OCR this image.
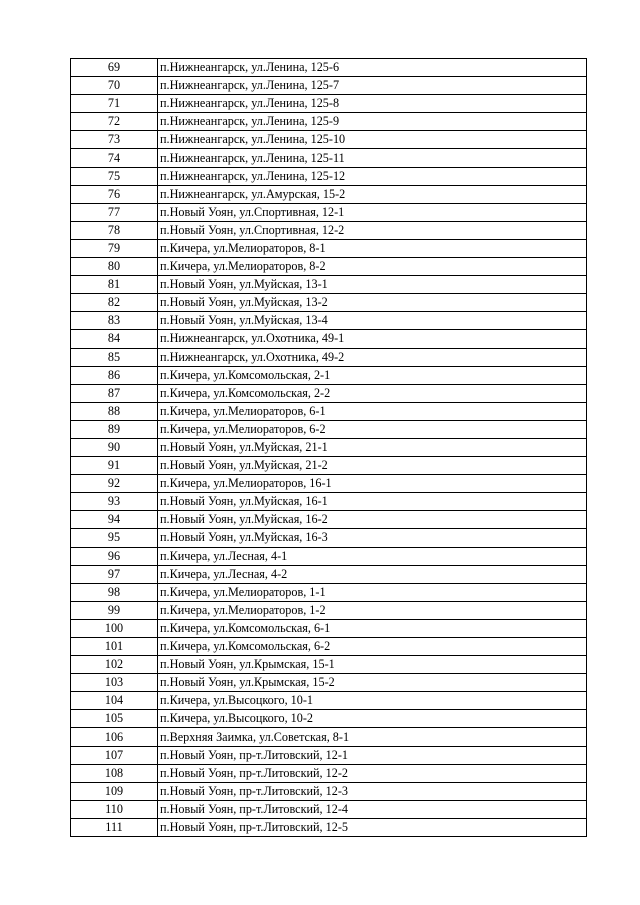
69	п.Нижнеангарск, ул.Ленина, 125-6
70	п.Нижнеангарск, ул.Ленина, 125-7
71	п.Нижнеангарск, ул.Ленина, 125-8
72	п.Нижнеангарск, ул.Ленина, 125-9
73	п.Нижнеангарск, ул.Ленина, 125-10
74	п.Нижнеангарск, ул.Ленина, 125-11
75	п.Нижнеангарск, ул.Ленина, 125-12
76	п.Нижнеангарск, ул.Амурская, 15-2
77	п.Новый Уоян, ул.Спортивная, 12-1
78	п.Новый Уоян, ул.Спортивная, 12-2
79	п.Кичера, ул.Мелиораторов, 8-1
80	п.Кичера, ул.Мелиораторов, 8-2
81	п.Новый Уоян, ул.Муйская, 13-1
82	п.Новый Уоян, ул.Муйская, 13-2
83	п.Новый Уоян, ул.Муйская, 13-4
84	п.Нижнеангарск, ул.Охотника, 49-1
85	п.Нижнеангарск, ул.Охотника, 49-2
86	п.Кичера, ул.Комсомольская, 2-1
87	п.Кичера, ул.Комсомольская, 2-2
88	п.Кичера, ул.Мелиораторов, 6-1
89	п.Кичера, ул.Мелиораторов, 6-2
90	п.Новый Уоян, ул.Муйская, 21-1
91	п.Новый Уоян, ул.Муйская, 21-2
92	п.Кичера, ул.Мелиораторов, 16-1
93	п.Новый Уоян, ул.Муйская, 16-1
94	п.Новый Уоян, ул.Муйская, 16-2
95	п.Новый Уоян, ул.Муйская, 16-3
96	п.Кичера, ул.Лесная, 4-1
97	п.Кичера, ул.Лесная, 4-2
98	п.Кичера, ул.Мелиораторов, 1-1
99	п.Кичера, ул.Мелиораторов, 1-2
100	п.Кичера, ул.Комсомольская, 6-1
101	п.Кичера, ул.Комсомольская, 6-2
102	п.Новый Уоян, ул.Крымская, 15-1
103	п.Новый Уоян, ул.Крымская, 15-2
104	п.Кичера, ул.Высоцкого, 10-1
105	п.Кичера, ул.Высоцкого, 10-2
106	п.Верхняя Заимка, ул.Советская, 8-1
107	п.Новый Уоян, пр-т.Литовский, 12-1
108	п.Новый Уоян, пр-т.Литовский, 12-2
109	п.Новый Уоян, пр-т.Литовский, 12-3
110	п.Новый Уоян, пр-т.Литовский, 12-4
111	п.Новый Уоян, пр-т.Литовский, 12-5
